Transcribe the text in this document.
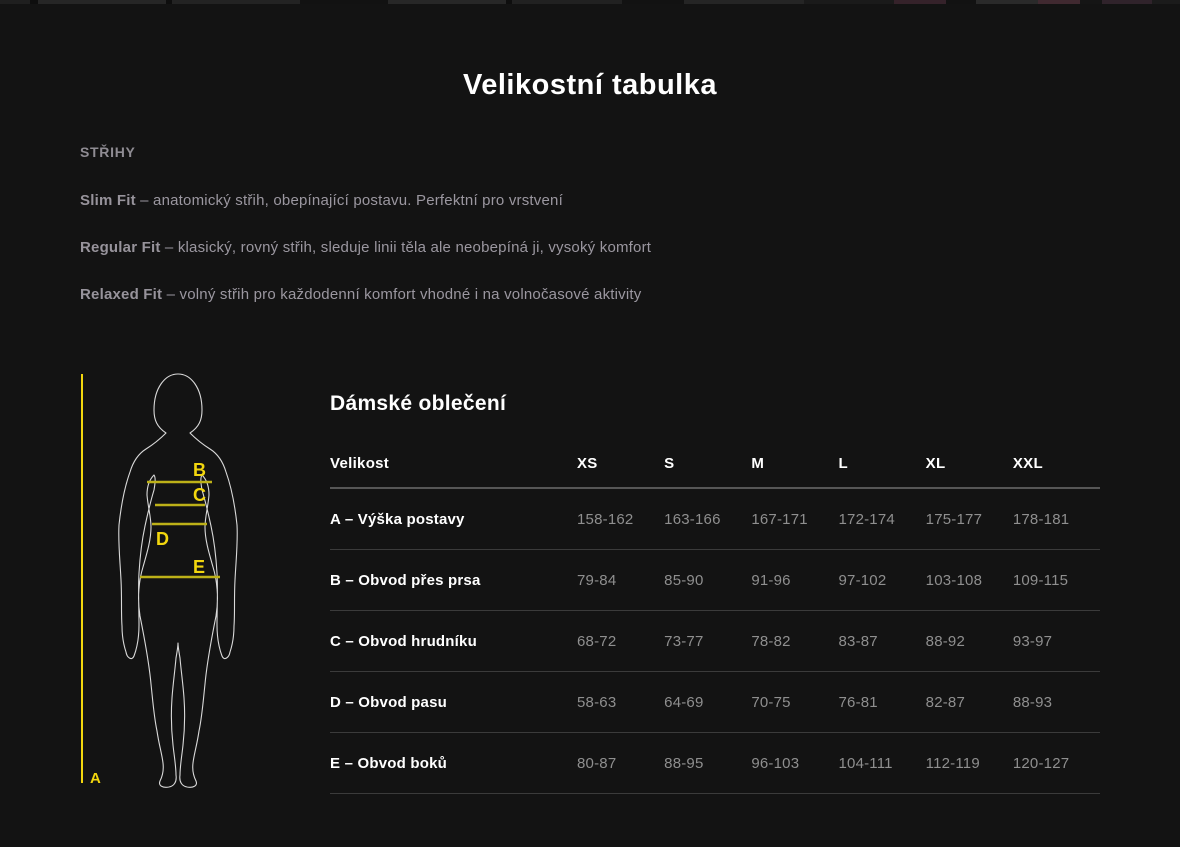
Velikostní tabulka
STŘIHY

Slim Fit – anatomický střih, obepínající postavu. Perfektní pro vrstvení

Regular Fit – klasický, rovný střih, sleduje linii těla ale neobepíná ji, vysoký komfort

Relaxed Fit – volný střih pro každodenní komfort vhodné i na volnočasové aktivity

B
C
D
E
A
Dámské oblečení
Velikost	XS	S	M	L	XL	XXL
A – Výška postavy	158-162	163-166	167-171	172-174	175-177	178-181
B – Obvod přes prsa	79-84	85-90	91-96	97-102	103-108	109-115
C – Obvod hrudníku	68-72	73-77	78-82	83-87	88-92	93-97
D – Obvod pasu	58-63	64-69	70-75	76-81	82-87	88-93
E – Obvod boků	80-87	88-95	96-103	104-111	112-119	120-127
